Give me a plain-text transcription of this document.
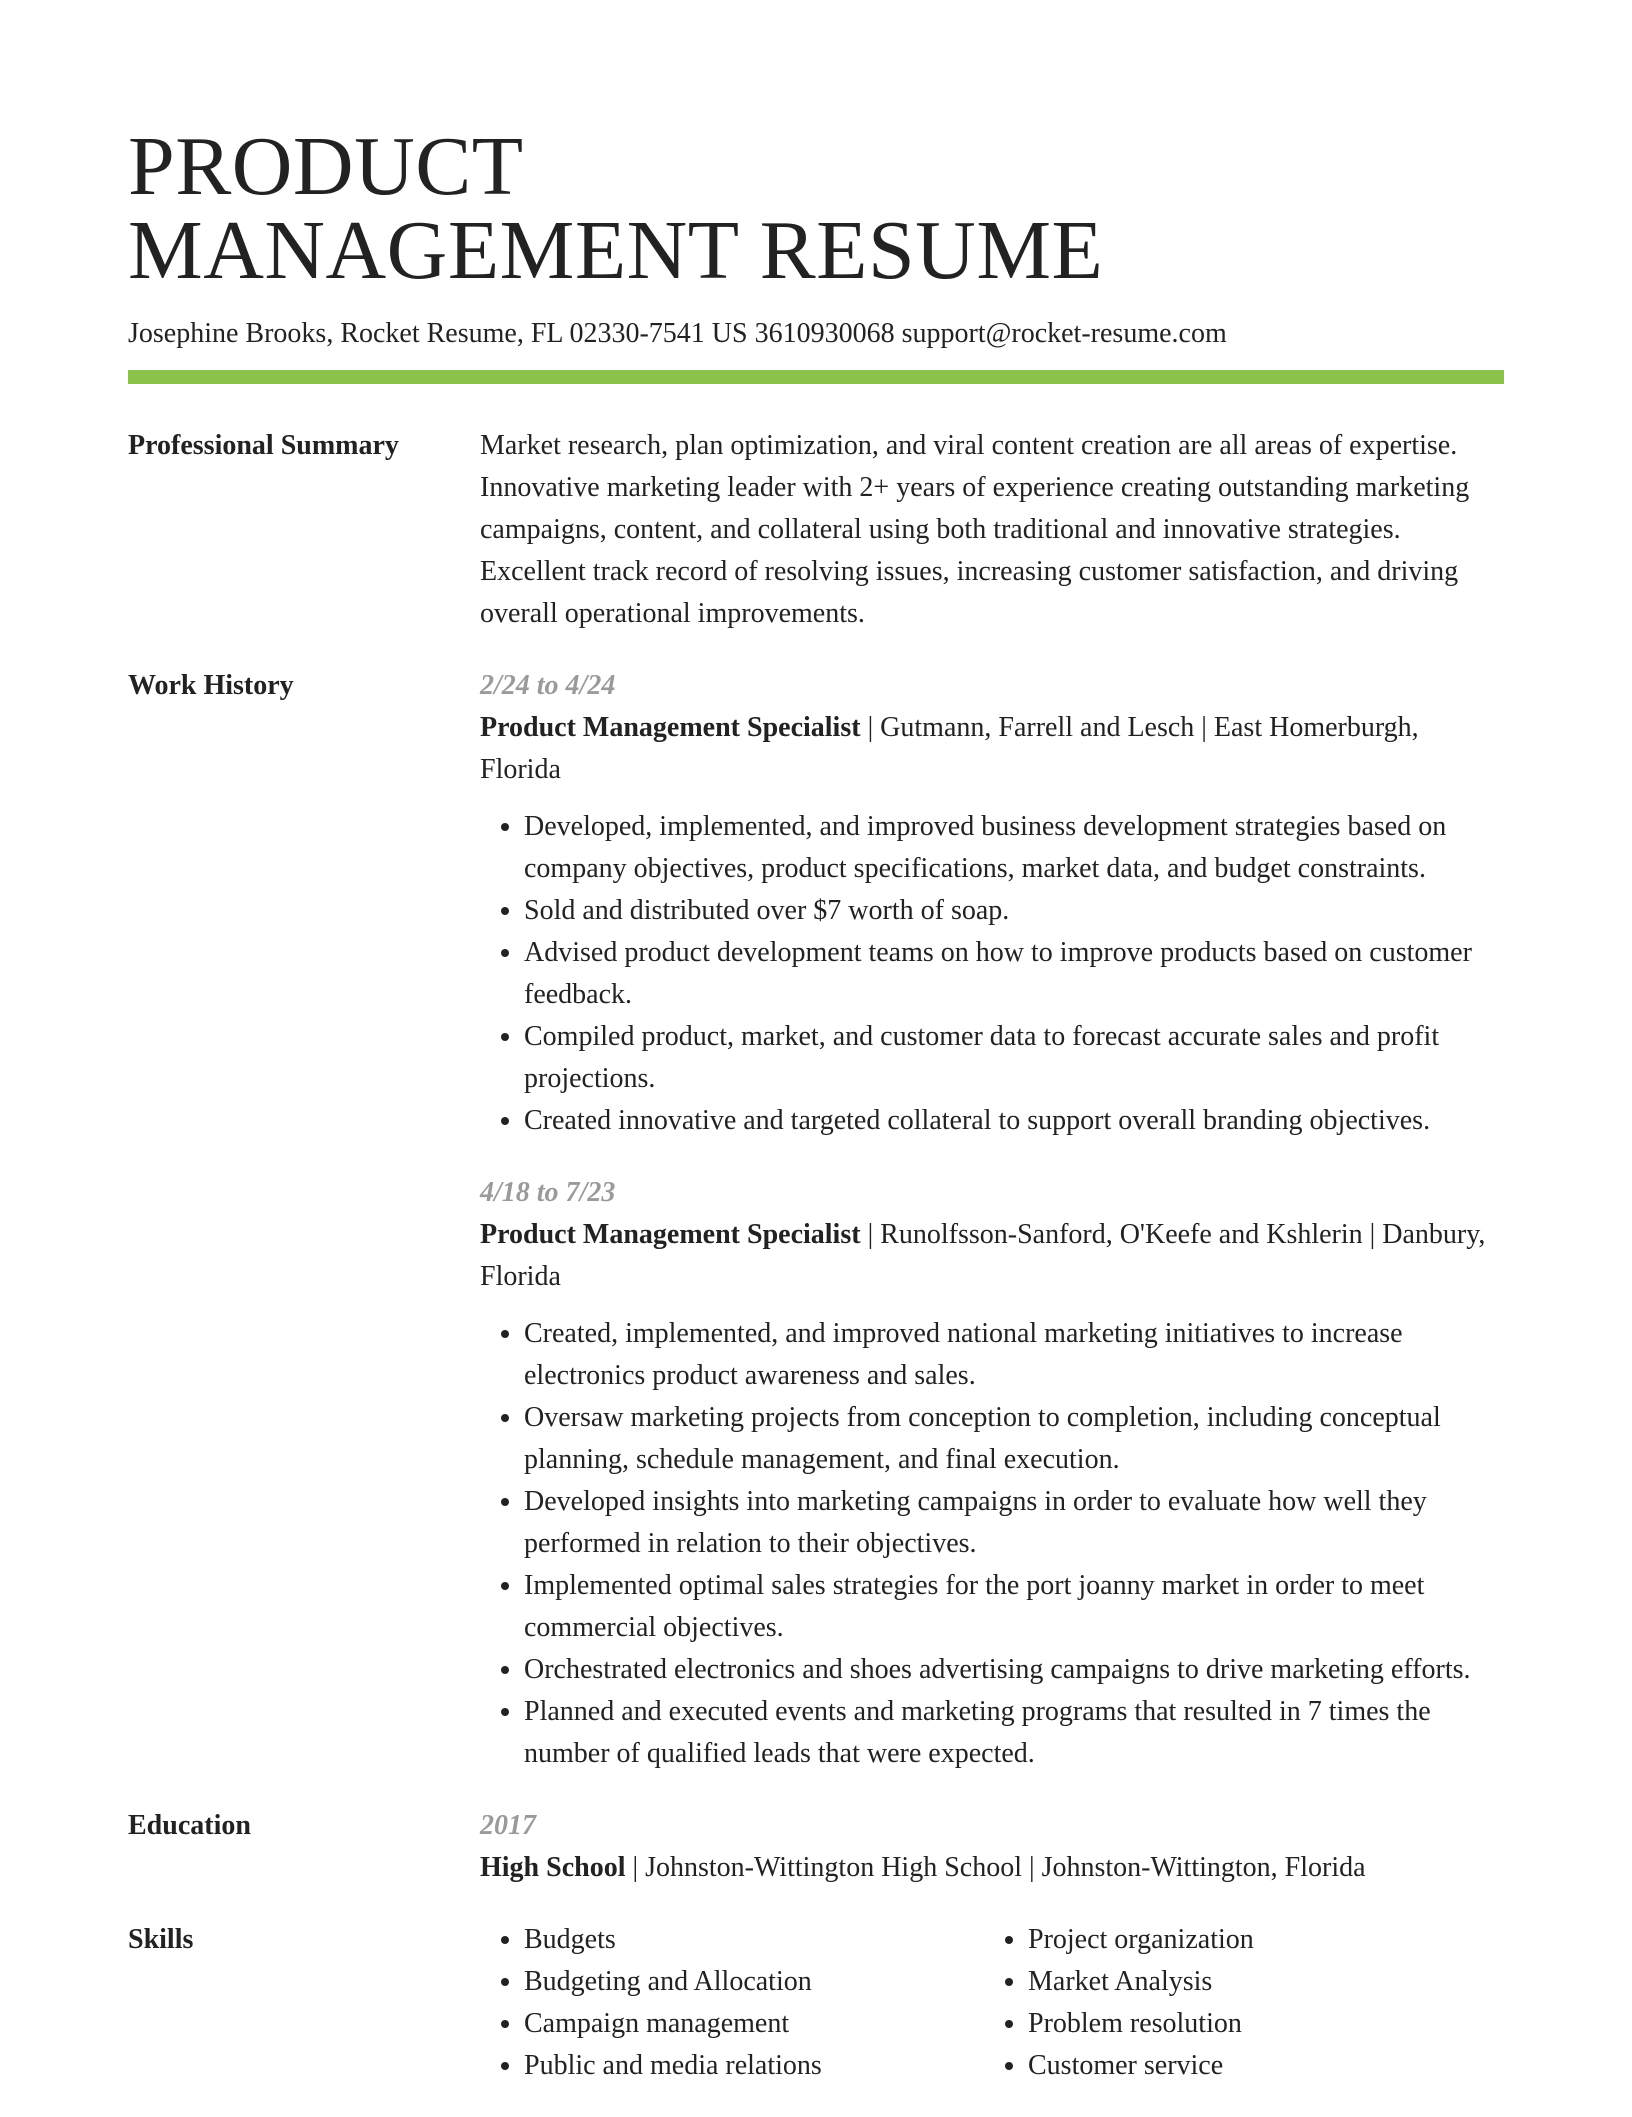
PRODUCT
MANAGEMENT RESUME
Josephine Brooks, Rocket Resume, FL 02330-7541 US 3610930068 support@rocket-resume.com
Professional Summary	Market research, plan optimization, and viral content creation are all areas of expertise. Innovative marketing leader with 2+ years of experience creating outstanding marketing campaigns, content, and collateral using both traditional and innovative strategies. Excellent track record of resolving issues, increasing customer satisfaction, and driving overall operational improvements.

Work History	2/24 to 4/24
Product Management Specialist | Gutmann, Farrell and Lesch | East Homerburgh, Florida
• Developed, implemented, and improved business development strategies based on company objectives, product specifications, market data, and budget constraints.
• Sold and distributed over $7 worth of soap.
• Advised product development teams on how to improve products based on customer feedback.
• Compiled product, market, and customer data to forecast accurate sales and profit projections.
• Created innovative and targeted collateral to support overall branding objectives.
4/18 to 7/23
Product Management Specialist | Runolfsson-Sanford, O'Keefe and Kshlerin | Danbury, Florida
• Created, implemented, and improved national marketing initiatives to increase electronics product awareness and sales.
• Oversaw marketing projects from conception to completion, including conceptual planning, schedule management, and final execution.
• Developed insights into marketing campaigns in order to evaluate how well they performed in relation to their objectives.
• Implemented optimal sales strategies for the port joanny market in order to meet commercial objectives.
• Orchestrated electronics and shoes advertising campaigns to drive marketing efforts.
• Planned and executed events and marketing programs that resulted in 7 times the number of qualified leads that were expected.
Education	2017
High School | Johnston-Wittington High School | Johnston-Wittington, Florida
Skills
•	Budgets
• Budgeting and Allocation
• Campaign management
• Public and media relations
• Project organization
• Market Analysis
• Problem resolution
• Customer service
